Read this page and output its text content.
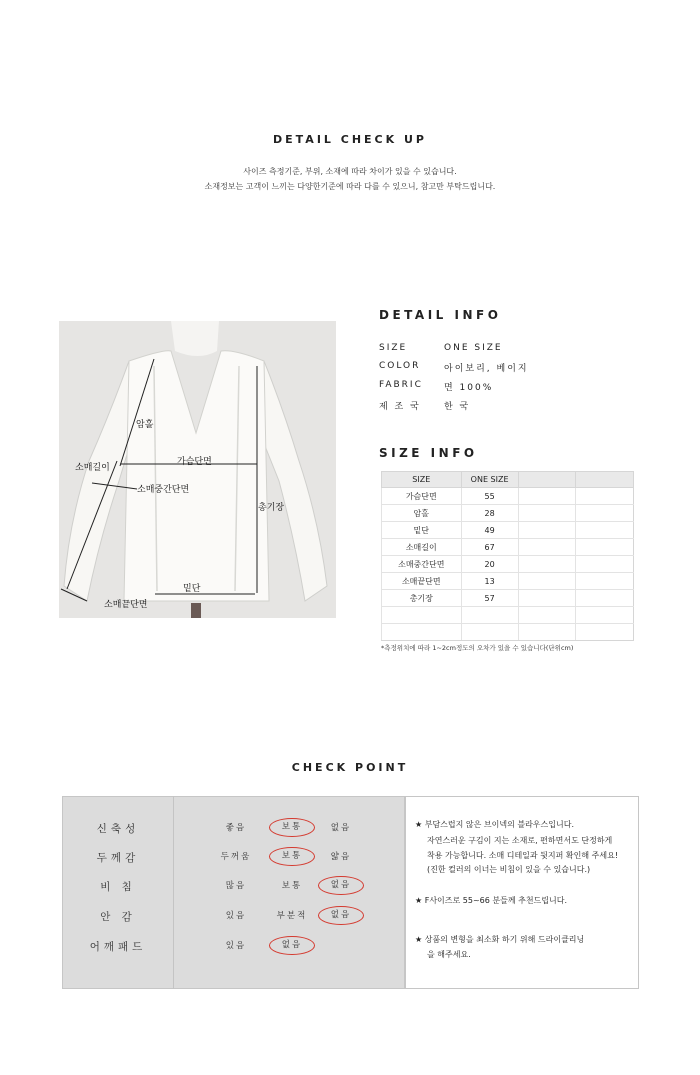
DETAIL CHECK UP
사이즈 측정기준, 부위, 소재에 따라 차이가 있을 수 있습니다.
소재정보는 고객이 느끼는 다양한기준에 따라 다를 수 있으니, 참고만 부탁드립니다.
암홀
소매길이
가슴단면
소매중간단면
총기장
밑단
소매끝단면
DETAIL INFO
SIZE	ONE SIZE
COLOR	아이보리, 베이지
FABRIC	면 100%
제 조 국	한 국
SIZE INFO
SIZE	ONE SIZE		
가슴단면	55		
암홀	28		
밑단	49		
소매길이	67		
소매중간단면	20		
소매끝단면	13		
총기장	57		

*측정위치에 따라 1~2cm정도의 오차가 있을 수 있습니다(단위cm)
CHECK POINT
신축성	좋음	보통	없음
두께감	두꺼움	보통	얇음
비 침	많음	보통	없음
안 감	있음	부분적	없음
어깨패드	있음	없음
★ 부담스럽지 않은 브이넥의 블라우스입니다.
자연스러운 구김이 지는 소재로, 편하면서도 단정하게
착용 가능합니다. 소매 디테일과 뒷지퍼 확인해 주세요!
(진한 컬러의 이너는 비침이 있을 수 있습니다.)
★ F사이즈로 55~66 분들께 추천드립니다.
★ 상품의 변형을 최소화 하기 위해 드라이클리닝
을 해주세요.
